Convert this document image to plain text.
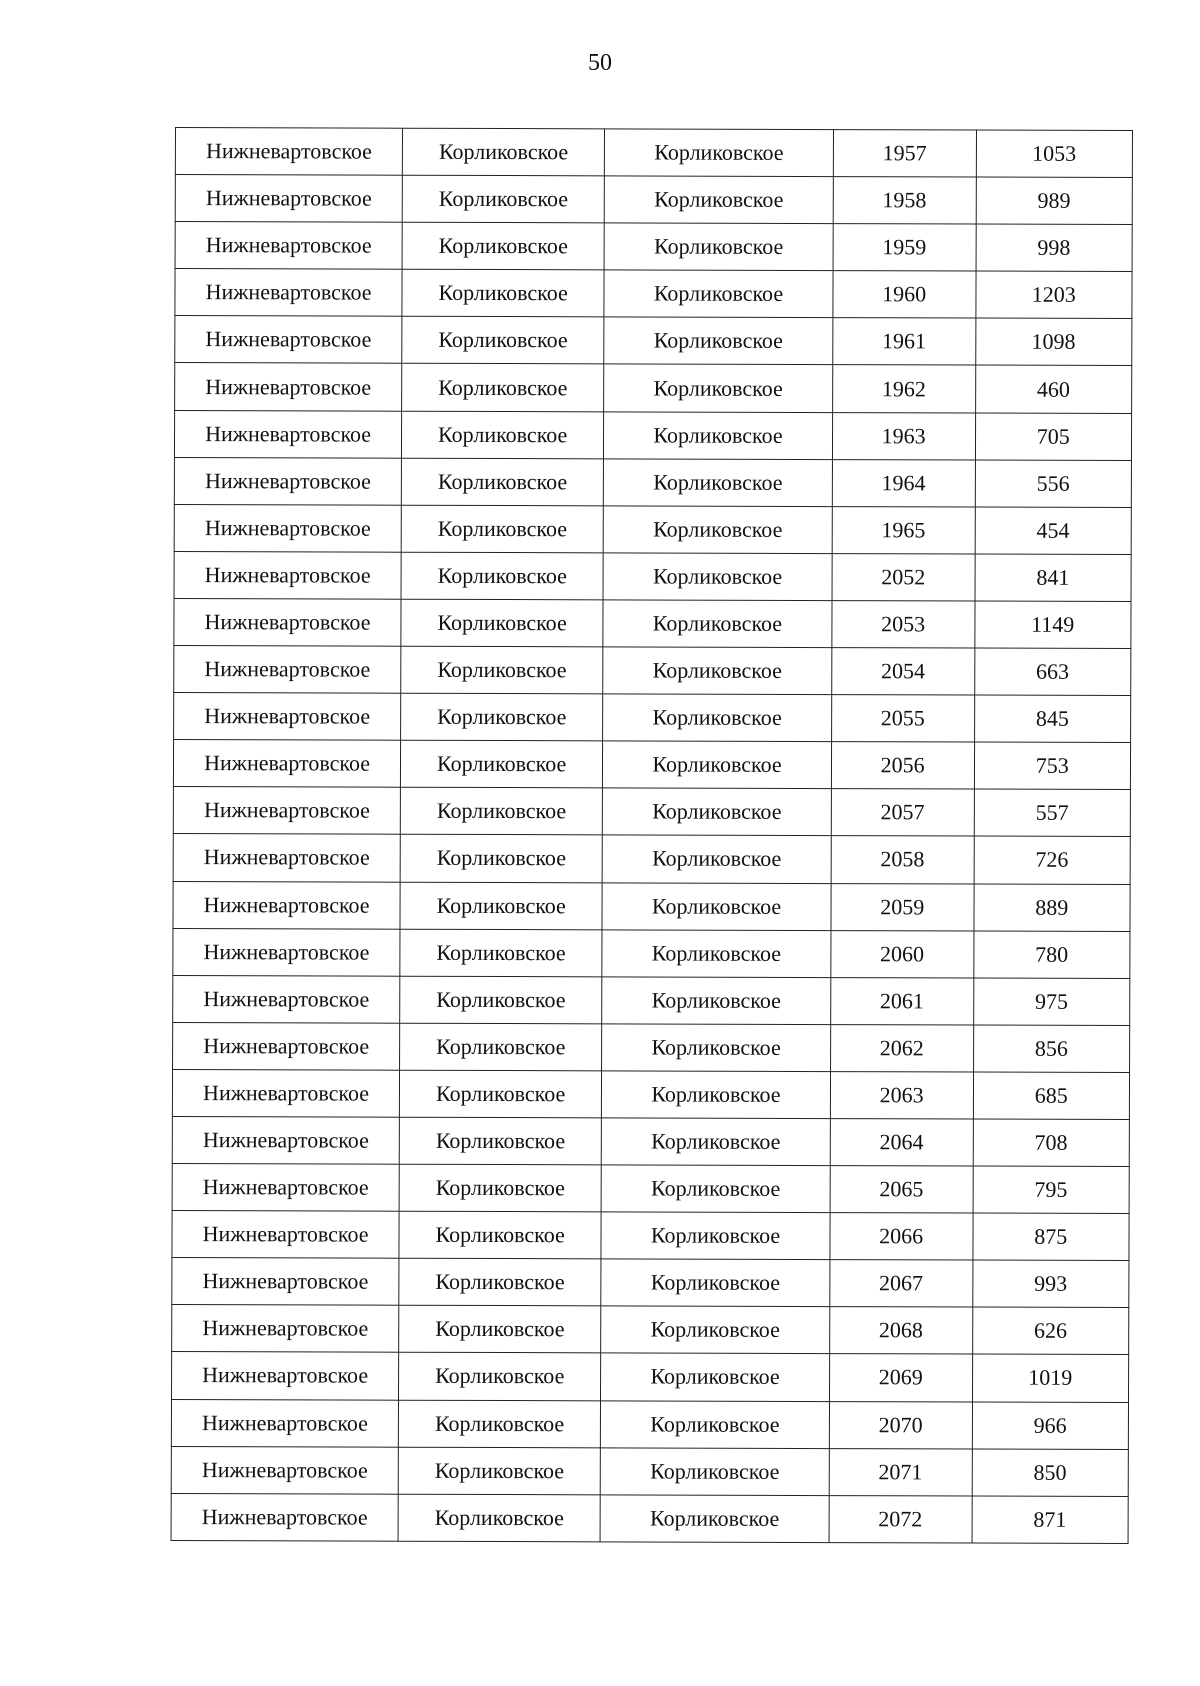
50
Нижневартовское	Корликовское	Корликовское	1957	1053
Нижневартовское	Корликовское	Корликовское	1958	989
Нижневартовское	Корликовское	Корликовское	1959	998
Нижневартовское	Корликовское	Корликовское	1960	1203
Нижневартовское	Корликовское	Корликовское	1961	1098
Нижневартовское	Корликовское	Корликовское	1962	460
Нижневартовское	Корликовское	Корликовское	1963	705
Нижневартовское	Корликовское	Корликовское	1964	556
Нижневартовское	Корликовское	Корликовское	1965	454
Нижневартовское	Корликовское	Корликовское	2052	841
Нижневартовское	Корликовское	Корликовское	2053	1149
Нижневартовское	Корликовское	Корликовское	2054	663
Нижневартовское	Корликовское	Корликовское	2055	845
Нижневартовское	Корликовское	Корликовское	2056	753
Нижневартовское	Корликовское	Корликовское	2057	557
Нижневартовское	Корликовское	Корликовское	2058	726
Нижневартовское	Корликовское	Корликовское	2059	889
Нижневартовское	Корликовское	Корликовское	2060	780
Нижневартовское	Корликовское	Корликовское	2061	975
Нижневартовское	Корликовское	Корликовское	2062	856
Нижневартовское	Корликовское	Корликовское	2063	685
Нижневартовское	Корликовское	Корликовское	2064	708
Нижневартовское	Корликовское	Корликовское	2065	795
Нижневартовское	Корликовское	Корликовское	2066	875
Нижневартовское	Корликовское	Корликовское	2067	993
Нижневартовское	Корликовское	Корликовское	2068	626
Нижневартовское	Корликовское	Корликовское	2069	1019
Нижневартовское	Корликовское	Корликовское	2070	966
Нижневартовское	Корликовское	Корликовское	2071	850
Нижневартовское	Корликовское	Корликовское	2072	871
